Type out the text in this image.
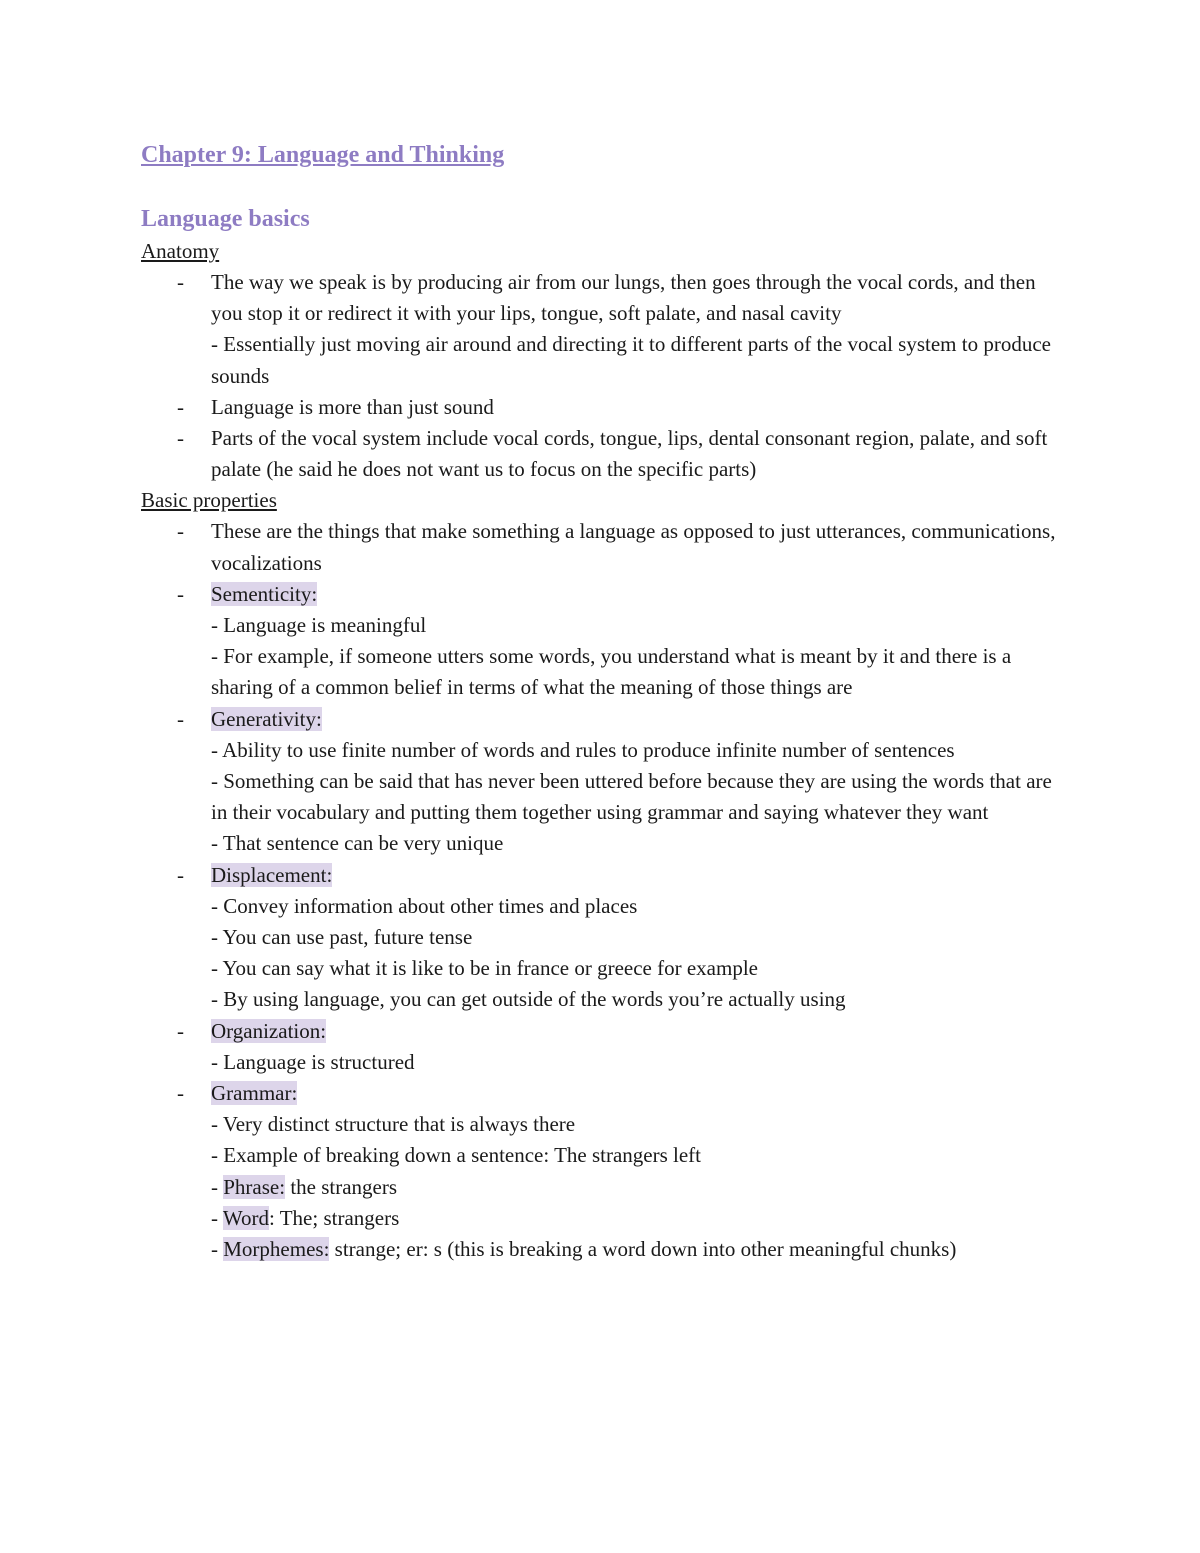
Chapter 9: Language and Thinking
Language basics
Anatomy
- The way we speak is by producing air from our lungs, then goes through the vocal cords, and then you stop it or redirect it with your lips, tongue, soft palate, and nasal cavity
- Essentially just moving air around and directing it to different parts of the vocal system to produce sounds
- Language is more than just sound
- Parts of the vocal system include vocal cords, tongue, lips, dental consonant region, palate, and soft palate (he said he does not want us to focus on the specific parts)
Basic properties
- These are the things that make something a language as opposed to just utterances, communications, vocalizations
- Sementicity:
- Language is meaningful
- For example, if someone utters some words, you understand what is meant by it and there is a sharing of a common belief in terms of what the meaning of those things are
- Generativity:
- Ability to use finite number of words and rules to produce infinite number of sentences
- Something can be said that has never been uttered before because they are using the words that are in their vocabulary and putting them together using grammar and saying whatever they want
- That sentence can be very unique
- Displacement:
- Convey information about other times and places
- You can use past, future tense
- You can say what it is like to be in france or greece for example
- By using language, you can get outside of the words you’re actually using
- Organization:
- Language is structured
- Grammar:
- Very distinct structure that is always there
- Example of breaking down a sentence: The strangers left
- Phrase: the strangers
- Word: The; strangers
- Morphemes: strange; er: s (this is breaking a word down into other meaningful chunks)
